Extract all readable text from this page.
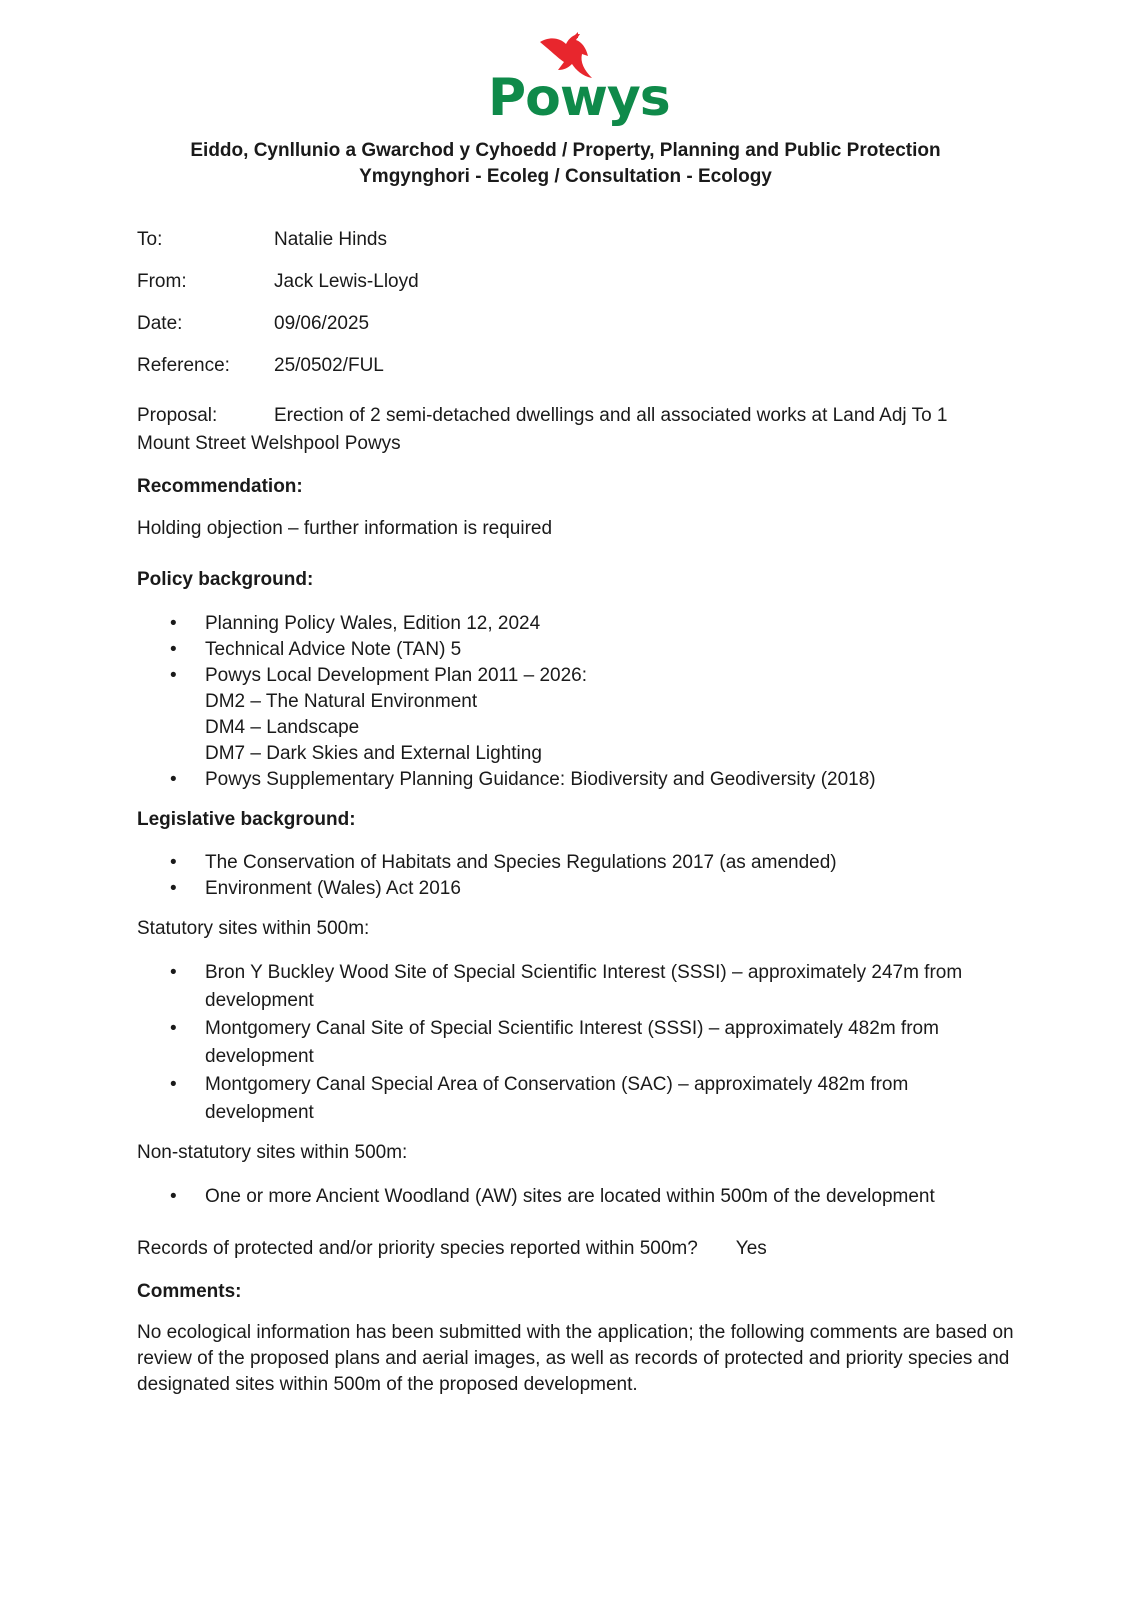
Powys
Eiddo, Cynllunio a Gwarchod y Cyhoedd / Property, Planning and Public Protection
Ymgynghori - Ecoleg / Consultation - Ecology
To:	Natalie Hinds
From:	Jack Lewis-Lloyd
Date:	09/06/2025
Reference: 25/0502/FUL
Proposal:	Erection of 2 semi-detached dwellings and all associated works at Land Adj To 1 Mount Street Welshpool Powys
Recommendation:
Holding objection – further information is required
Policy background:
• Planning Policy Wales, Edition 12, 2024
• Technical Advice Note (TAN) 5
• Powys Local Development Plan 2011 – 2026:
DM2 – The Natural Environment
DM4 – Landscape
DM7 – Dark Skies and External Lighting
• Powys Supplementary Planning Guidance: Biodiversity and Geodiversity (2018)
Legislative background:
• The Conservation of Habitats and Species Regulations 2017 (as amended)
• Environment (Wales) Act 2016
Statutory sites within 500m:
• Bron Y Buckley Wood Site of Special Scientific Interest (SSSI) – approximately 247m from development
• Montgomery Canal Site of Special Scientific Interest (SSSI) – approximately 482m from development
• Montgomery Canal Special Area of Conservation (SAC) – approximately 482m from development
Non-statutory sites within 500m:
• One or more Ancient Woodland (AW) sites are located within 500m of the development
Records of protected and/or priority species reported within 500m? Yes
Comments:
No ecological information has been submitted with the application; the following comments are based on review of the proposed plans and aerial images, as well as records of protected and priority species and designated sites within 500m of the proposed development.
